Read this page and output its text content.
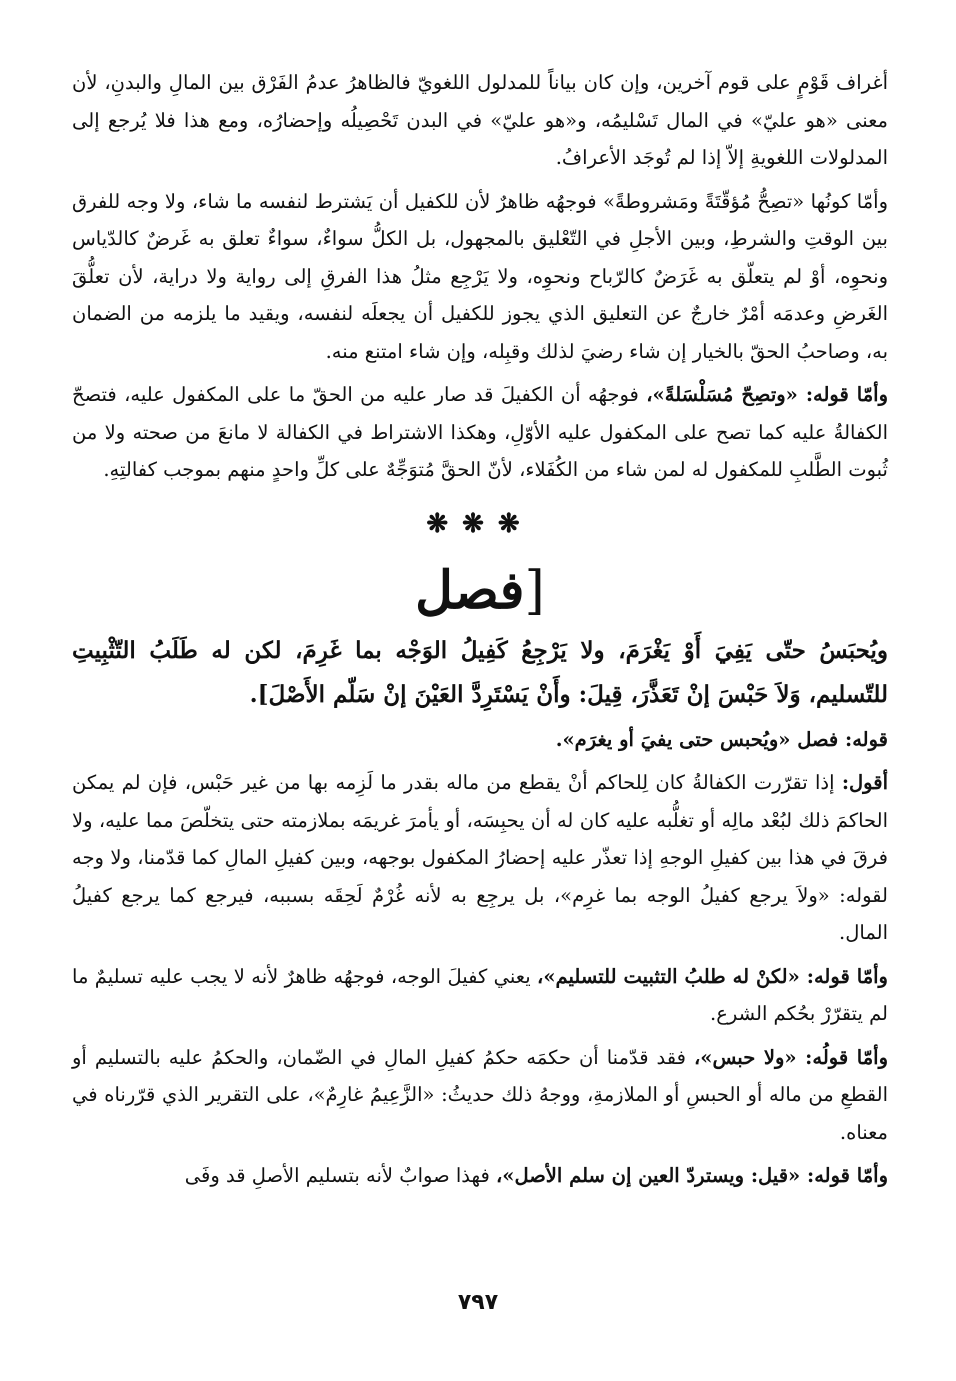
أغراف قَوْمٍ على قوم آخرين، وإن كان بياناً للمدلول اللغويّ فالظاهرُ عدمُ الفَرْق بين المالِ والبدنِ، لأن معنى «هو عليّ» في المال تَسْليمُه، و«هو عليّ» في البدن تَحْصِيلُه وإحضارُه، ومع هذا فلا يُرجع إلى المدلولات اللغويةِ إلاّ إذا لم تُوجَد الأعرافُ.

وأمّا كونُها «تصِحُّ مُؤقّتَةً ومَشروطةً» فوجهُه ظاهرٌ لأن للكفيل أن يَشترط لنفسه ما شاء، ولا وجه للفرق بين الوقتِ والشرطِ، وبين الأجلِ في التّعْليق بالمجهول، بل الكلُّ سواءٌ، سواءٌ تعلق به غَرضٌ كالدّياس ونحوِه، أوْ لم يتعلّق به غَرَضٌ كالرّباح ونحوِه، ولا يَرْجِع مثلُ هذا الفرقِ إلى رواية ولا دراية، لأن تعلُّقَ الغَرضِ وعدمَه أمْرٌ خارجٌ عن التعليق الذي يجوز للكفيل أن يجعلَه لنفسه، ويقيد ما يلزمه من الضمان به، وصاحبُ الحقّ بالخيار إن شاء رضيَ لذلك وقبِله، وإن شاء امتنع منه.

وأمّا قوله: «وتصِحّ مُسَلْسَلةً»، فوجهُه أن الكفيلَ قد صار عليه من الحقّ ما على المكفول عليه، فتصحّ الكفالةُ عليه كما تصح على المكفول عليه الأوّلِ، وهكذا الاشتراط في الكفالة لا مانعَ من صحته ولا من ثُبوت الطَّلبِ للمكفول له لمن شاء من الكُفَلاء، لأنّ الحقَّ مُتوَجِّهٌ على كلِّ واحدٍ منهم بموجب كفالتِهِ.

❋❋❋
[فصل

ويُحبَسُ حتّى يَفِيَ أَوْ يَغْرَمَ، ولا يَرْجِعُ كَفِيلُ الوَجْه بما غَرِمَ، لكن له طَلَبُ التّثْبِيتِ للتّسليم، وَلاَ حَبْسَ إنْ تَعَذَّرَ، قِيلَ: وأَنْ يَسْتَرِدَّ العَيْنَ إنْ سَلّم الأَصْلَ].

قوله: فصل «ويُحبس حتى يفيَ أو يغرَم».

أقول: إذا تقرّرت الكفالةُ كان لِلحاكم أنْ يقطع من ماله بقدر ما لَزِمه بها من غير حَبْس، فإن لم يمكن الحاكمَ ذلك لبُعْد مالِه أو تغلُّبه عليه كان له أن يحبِسَه، أو يأمرَ غريمَه بملازمته حتى يتخلّصَ مما عليه، ولا فرقَ في هذا بين كفيلِ الوجهِ إذا تعذّر عليه إحضارُ المكفول بوجهه، وبين كفيلِ المالِ كما قدّمنا، ولا وجه لقوله: «ولاَ يرجع كفيلُ الوجه بما غرِم»، بل يرجِع به لأنه غُرْمٌ لَحِقَه بسببه، فيرجع كما يرجع كفيلُ المال.

وأمّا قوله: «لكنْ له طلبُ التثبيت للتسليم»، يعني كفيلَ الوجه، فوجهُه ظاهرٌ لأنه لا يجب عليه تسليمٌ ما لم يتقرّرْ بحُكم الشرع.

وأمّا قولُه: «ولا حبس»، فقد قدّمنا أن حكمَه حكمُ كفيلِ المالِ في الضّمان، والحكمُ عليه بالتسليم أو القطعِ من ماله أو الحبسِ أو الملازمةِ، ووجهُ ذلك حديثُ: «الزَّعِيمُ غارِمٌ»، على التقرير الذي قرّرناه في معناه.

وأمّا قوله: «قيل: ويستردّ العين إن سلم الأصل»، فهذا صوابٌ لأنه بتسليم الأصلِ قد وفَى

٧٩٧
